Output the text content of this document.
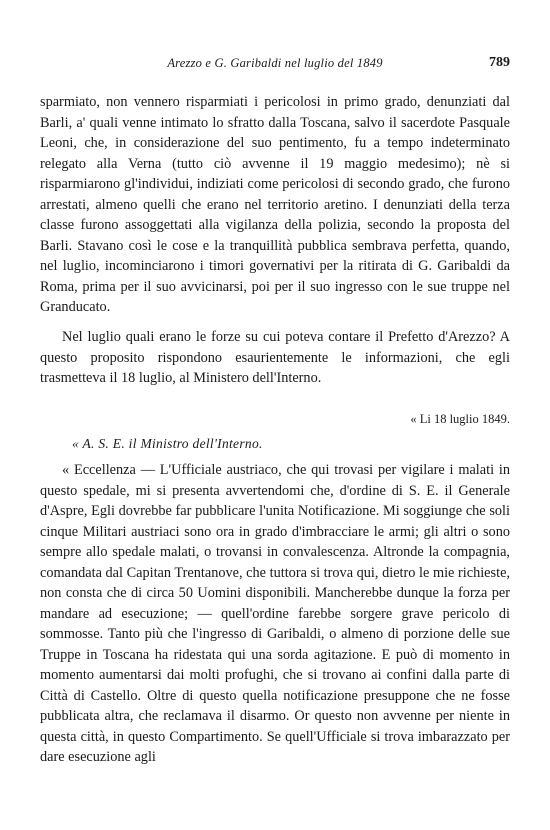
Arezzo e G. Garibaldi nel luglio del 1849	789

sparmiato, non vennero risparmiati i pericolosi in primo grado, denunziati dal Barli, a' quali venne intimato lo sfratto dalla Toscana, salvo il sacerdote Pasquale Leoni, che, in considerazione del suo pentimento, fu a tempo indeterminato relegato alla Verna (tutto ciò avvenne il 19 maggio medesimo); nè si risparmiarono gl'individui, indiziati come pericolosi di secondo grado, che furono arrestati, almeno quelli che erano nel territorio aretino. I denunziati della terza classe furono assoggettati alla vigilanza della polizia, secondo la proposta del Barli. Stavano così le cose e la tranquillità pubblica sembrava perfetta, quando, nel luglio, incominciarono i timori governativi per la ritirata di G. Garibaldi da Roma, prima per il suo avvicinarsi, poi per il suo ingresso con le sue truppe nel Granducato.

Nel luglio quali erano le forze su cui poteva contare il Prefetto d'Arezzo? A questo proposito rispondono esaurientemente le informazioni, che egli trasmetteva il 18 luglio, al Ministero dell'Interno.

« Li 18 luglio 1849.
« A. S. E. il Ministro dell'Interno.

« Eccellenza — L'Ufficiale austriaco, che qui trovasi per vigilare i malati in questo spedale, mi si presenta avvertendomi che, d'ordine di S. E. il Generale d'Aspre, Egli dovrebbe far pubblicare l'unita Notificazione. Mi soggiunge che soli cinque Militari austriaci sono ora in grado d'imbracciare le armi; gli altri o sono sempre allo spedale malati, o trovansi in convalescenza. Altronde la compagnia, comandata dal Capitan Trentanove, che tuttora si trova qui, dietro le mie richieste, non consta che di circa 50 Uomini disponibili. Mancherebbe dunque la forza per mandare ad esecuzione; — quell'ordine farebbe sorgere grave pericolo di sommosse. Tanto più che l'ingresso di Garibaldi, o almeno di porzione delle sue Truppe in Toscana ha ridestata qui una sorda agitazione. E può di momento in momento aumentarsi dai molti profughi, che si trovano ai confini dalla parte di Città di Castello. Oltre di questo quella notificazione presuppone che ne fosse pubblicata altra, che reclamava il disarmo. Or questo non avvenne per niente in questa città, in questo Compartimento. Se quell'Ufficiale si trova imbarazzato per dare esecuzione agli
